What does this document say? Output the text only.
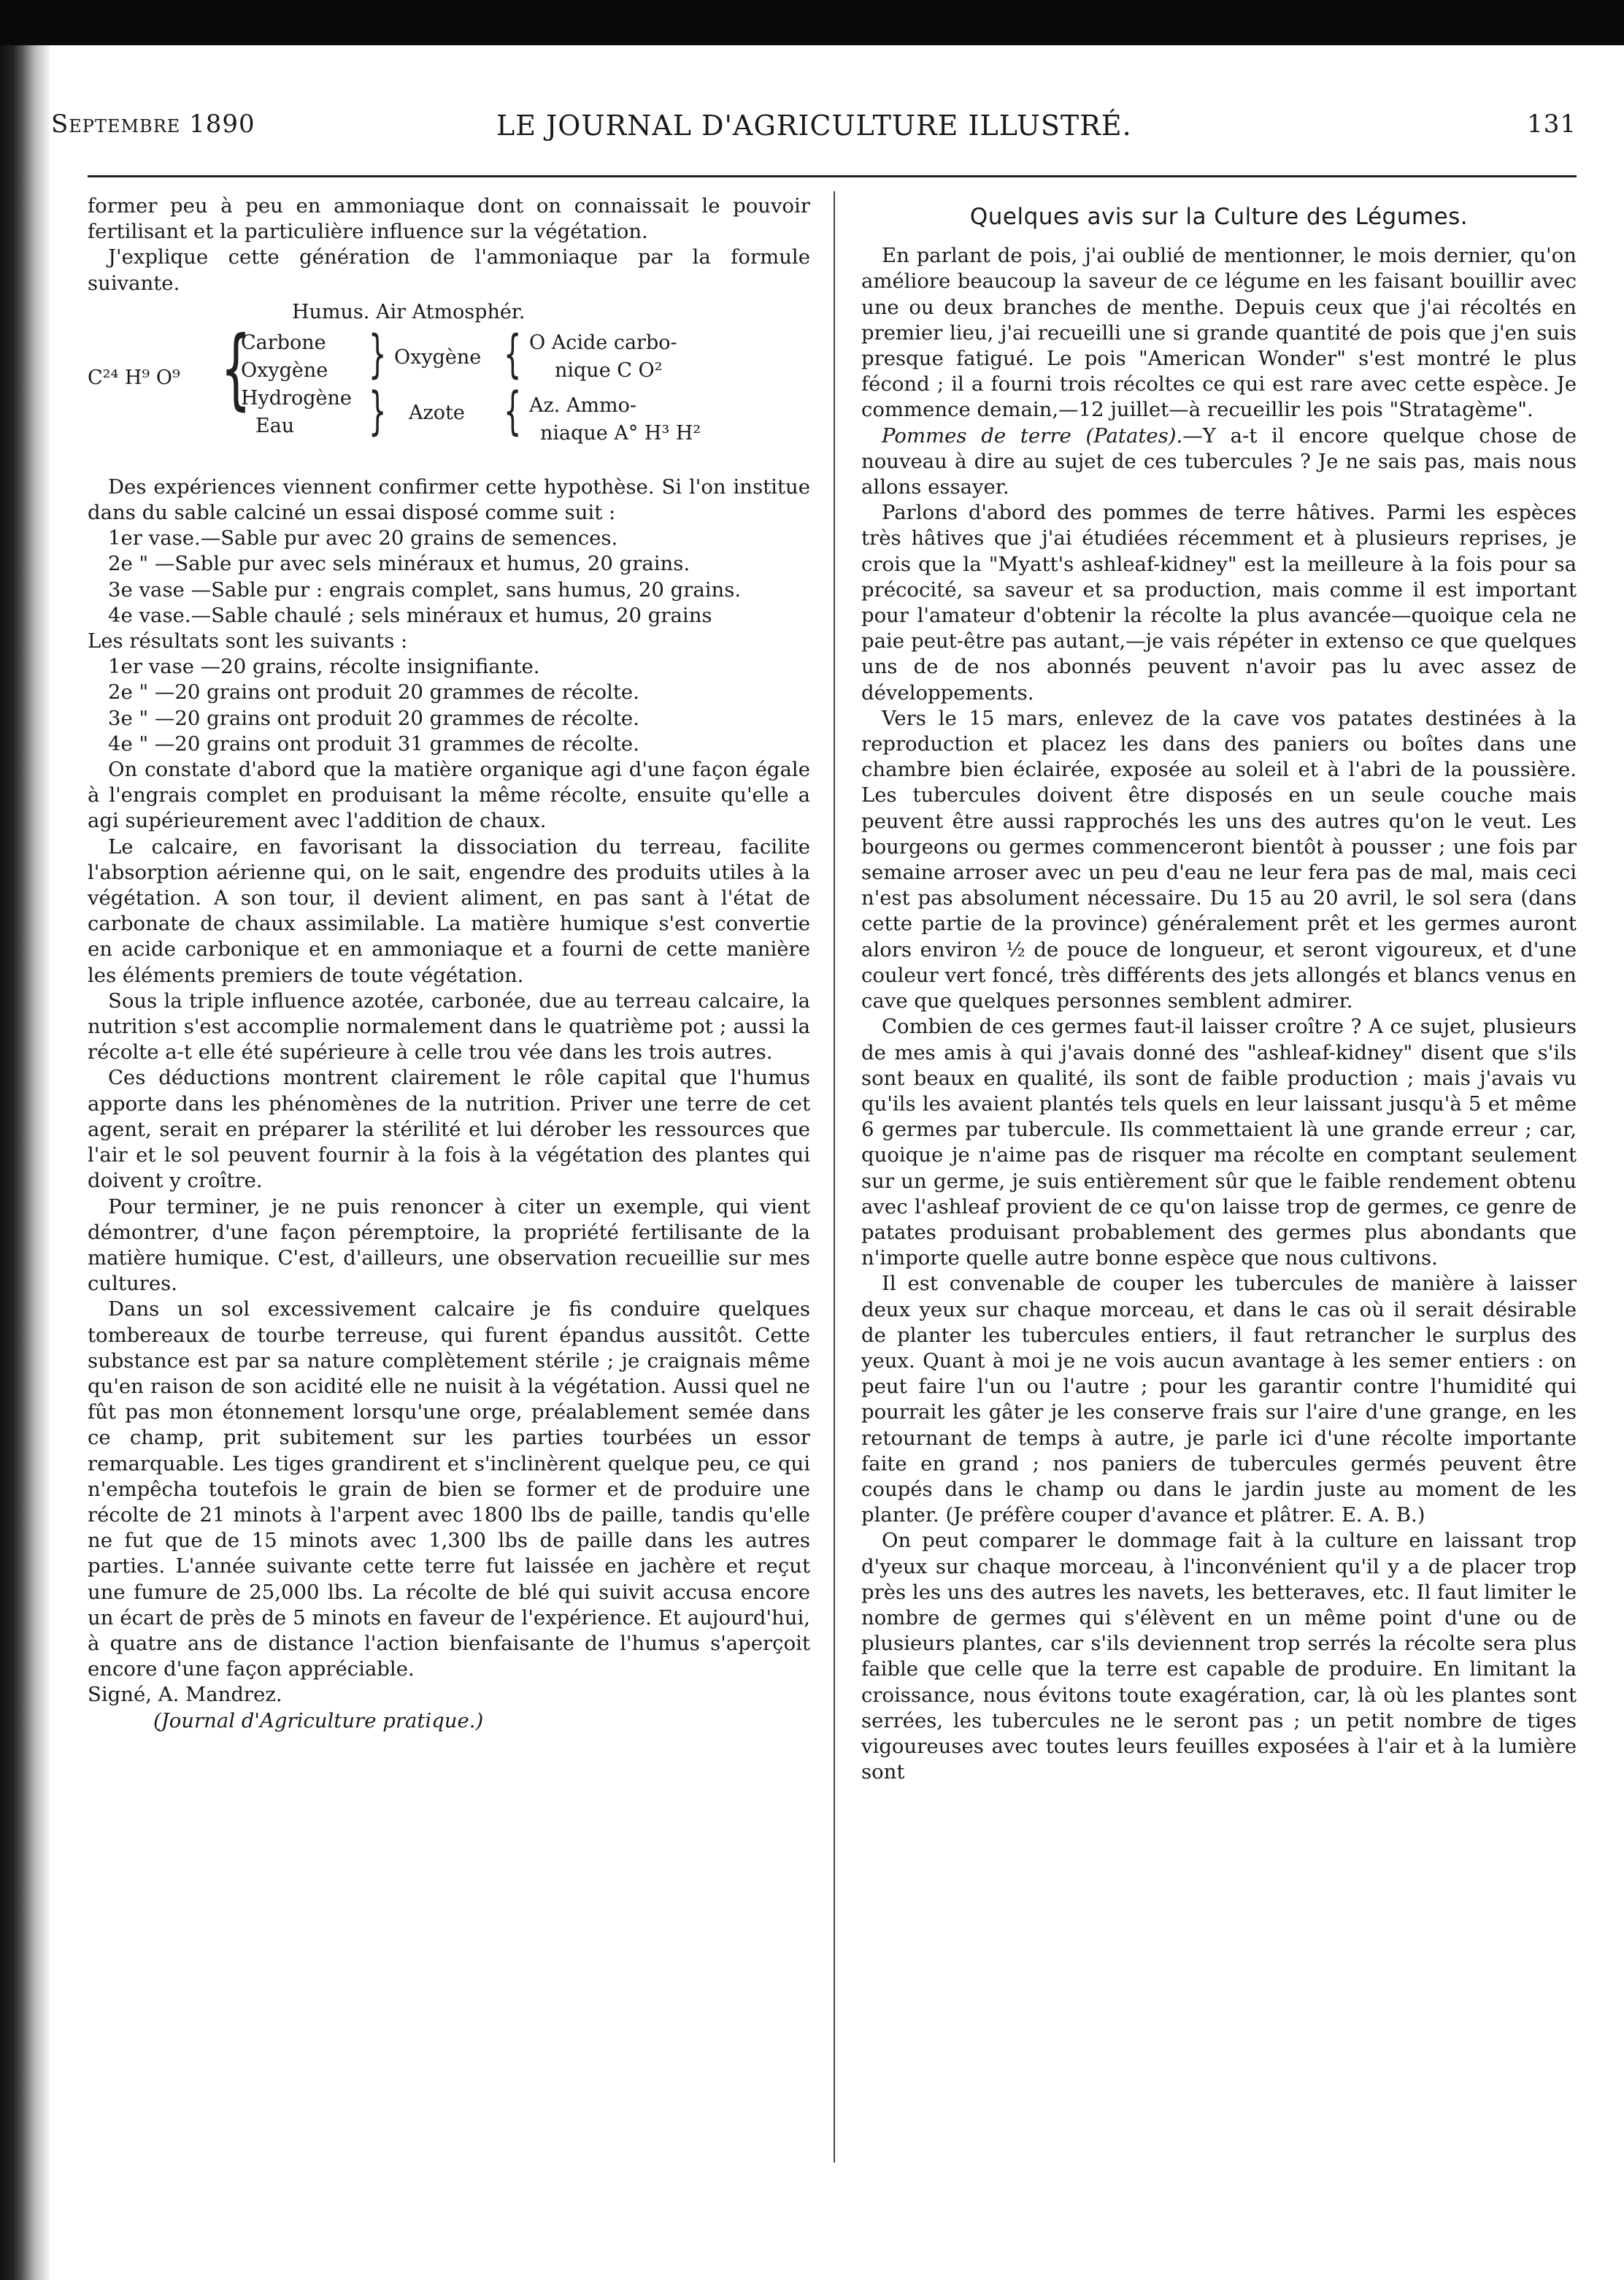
Septembre 1890	LE JOURNAL D'AGRICULTURE ILLUSTRÉ.	131

former peu à peu en ammoniaque dont on connaissait le pouvoir fertilisant et la particulière influence sur la végétation.

J'explique cette génération de l'ammoniaque par la formule suivante.

Humus. Air Atmosphér.
C²⁴ H⁹ O⁹ {
Carbone
Oxygène
Hydrogène
Eau
}
}
Oxygène
Azote
{
{
O Acide carbo-
nique C O²
Az. Ammo-
niaque A° H³ H²

Des expériences viennent confirmer cette hypothèse. Si l'on institue dans du sable calciné un essai disposé comme suit :

1er vase.—Sable pur avec 20 grains de semences.

2e " —Sable pur avec sels minéraux et humus, 20 grains.

3e vase —Sable pur : engrais complet, sans humus, 20 grains.

4e vase.—Sable chaulé ; sels minéraux et humus, 20 grains

Les résultats sont les suivants :

1er vase —20 grains, récolte insignifiante.

2e " —20 grains ont produit 20 grammes de récolte.

3e " —20 grains ont produit 20 grammes de récolte.

4e " —20 grains ont produit 31 grammes de récolte.

On constate d'abord que la matière organique agi d'une façon égale à l'engrais complet en produisant la même récolte, ensuite qu'elle a agi supérieurement avec l'addition de chaux.

Le calcaire, en favorisant la dissociation du terreau, facilite l'absorption aérienne qui, on le sait, engendre des produits utiles à la végétation. A son tour, il devient aliment, en pas sant à l'état de carbonate de chaux assimilable. La matière humique s'est convertie en acide carbonique et en ammoniaque et a fourni de cette manière les éléments premiers de toute végétation.

Sous la triple influence azotée, carbonée, due au terreau calcaire, la nutrition s'est accomplie normalement dans le quatrième pot ; aussi la récolte a-t elle été supérieure à celle trou vée dans les trois autres.

Ces déductions montrent clairement le rôle capital que l'humus apporte dans les phénomènes de la nutrition. Priver une terre de cet agent, serait en préparer la stérilité et lui dérober les ressources que l'air et le sol peuvent fournir à la fois à la végétation des plantes qui doivent y croître.

Pour terminer, je ne puis renoncer à citer un exemple, qui vient démontrer, d'une façon péremptoire, la propriété fertilisante de la matière humique. C'est, d'ailleurs, une observation recueillie sur mes cultures.

Dans un sol excessivement calcaire je fis conduire quelques tombereaux de tourbe terreuse, qui furent épandus aussitôt. Cette substance est par sa nature complètement stérile ; je craignais même qu'en raison de son acidité elle ne nuisit à la végétation. Aussi quel ne fût pas mon étonnement lorsqu'une orge, préalablement semée dans ce champ, prit subitement sur les parties tourbées un essor remarquable. Les tiges grandirent et s'inclinèrent quelque peu, ce qui n'empêcha toutefois le grain de bien se former et de produire une récolte de 21 minots à l'arpent avec 1800 lbs de paille, tandis qu'elle ne fut que de 15 minots avec 1,300 lbs de paille dans les autres parties. L'année suivante cette terre fut laissée en jachère et reçut une fumure de 25,000 lbs. La récolte de blé qui suivit accusa encore un écart de près de 5 minots en faveur de l'expérience. Et aujourd'hui, à quatre ans de distance l'action bienfaisante de l'humus s'aperçoit encore d'une façon appréciable.

Signé, A. Mandrez.

(Journal d'Agriculture pratique.)

Quelques avis sur la Culture des Légumes.

En parlant de pois, j'ai oublié de mentionner, le mois dernier, qu'on améliore beaucoup la saveur de ce légume en les faisant bouillir avec une ou deux branches de menthe. Depuis ceux que j'ai récoltés en premier lieu, j'ai recueilli une si grande quantité de pois que j'en suis presque fatigué. Le pois "American Wonder" s'est montré le plus fécond ; il a fourni trois récoltes ce qui est rare avec cette espèce. Je commence demain,—12 juillet—à recueillir les pois "Stratagème".

Pommes de terre (Patates).—Y a-t il encore quelque chose de nouveau à dire au sujet de ces tubercules ? Je ne sais pas, mais nous allons essayer.

Parlons d'abord des pommes de terre hâtives. Parmi les espèces très hâtives que j'ai étudiées récemment et à plusieurs reprises, je crois que la "Myatt's ashleaf-kidney" est la meilleure à la fois pour sa précocité, sa saveur et sa production, mais comme il est important pour l'amateur d'obtenir la récolte la plus avancée—quoique cela ne paie peut-être pas autant,—je vais répéter in extenso ce que quelques uns de de nos abonnés peuvent n'avoir pas lu avec assez de développements.

Vers le 15 mars, enlevez de la cave vos patates destinées à la reproduction et placez les dans des paniers ou boîtes dans une chambre bien éclairée, exposée au soleil et à l'abri de la poussière. Les tubercules doivent être disposés en un seule couche mais peuvent être aussi rapprochés les uns des autres qu'on le veut. Les bourgeons ou germes commenceront bientôt à pousser ; une fois par semaine arroser avec un peu d'eau ne leur fera pas de mal, mais ceci n'est pas absolument nécessaire. Du 15 au 20 avril, le sol sera (dans cette partie de la province) généralement prêt et les germes auront alors environ ½ de pouce de longueur, et seront vigoureux, et d'une couleur vert foncé, très différents des jets allongés et blancs venus en cave que quelques personnes semblent admirer.

Combien de ces germes faut-il laisser croître ? A ce sujet, plusieurs de mes amis à qui j'avais donné des "ashleaf-kidney" disent que s'ils sont beaux en qualité, ils sont de faible production ; mais j'avais vu qu'ils les avaient plantés tels quels en leur laissant jusqu'à 5 et même 6 germes par tubercule. Ils commettaient là une grande erreur ; car, quoique je n'aime pas de risquer ma récolte en comptant seulement sur un germe, je suis entièrement sûr que le faible rendement obtenu avec l'ashleaf provient de ce qu'on laisse trop de germes, ce genre de patates produisant probablement des germes plus abondants que n'importe quelle autre bonne espèce que nous cultivons.

Il est convenable de couper les tubercules de manière à laisser deux yeux sur chaque morceau, et dans le cas où il serait désirable de planter les tubercules entiers, il faut retrancher le surplus des yeux. Quant à moi je ne vois aucun avantage à les semer entiers : on peut faire l'un ou l'autre ; pour les garantir contre l'humidité qui pourrait les gâter je les conserve frais sur l'aire d'une grange, en les retournant de temps à autre, je parle ici d'une récolte importante faite en grand ; nos paniers de tubercules germés peuvent être coupés dans le champ ou dans le jardin juste au moment de les planter. (Je préfère couper d'avance et plâtrer. E. A. B.)

On peut comparer le dommage fait à la culture en laissant trop d'yeux sur chaque morceau, à l'inconvénient qu'il y a de placer trop près les uns des autres les navets, les betteraves, etc. Il faut limiter le nombre de germes qui s'élèvent en un même point d'une ou de plusieurs plantes, car s'ils deviennent trop serrés la récolte sera plus faible que celle que la terre est capable de produire. En limitant la croissance, nous évitons toute exagération, car, là où les plantes sont serrées, les tubercules ne le seront pas ; un petit nombre de tiges vigoureuses avec toutes leurs feuilles exposées à l'air et à la lumière sont
